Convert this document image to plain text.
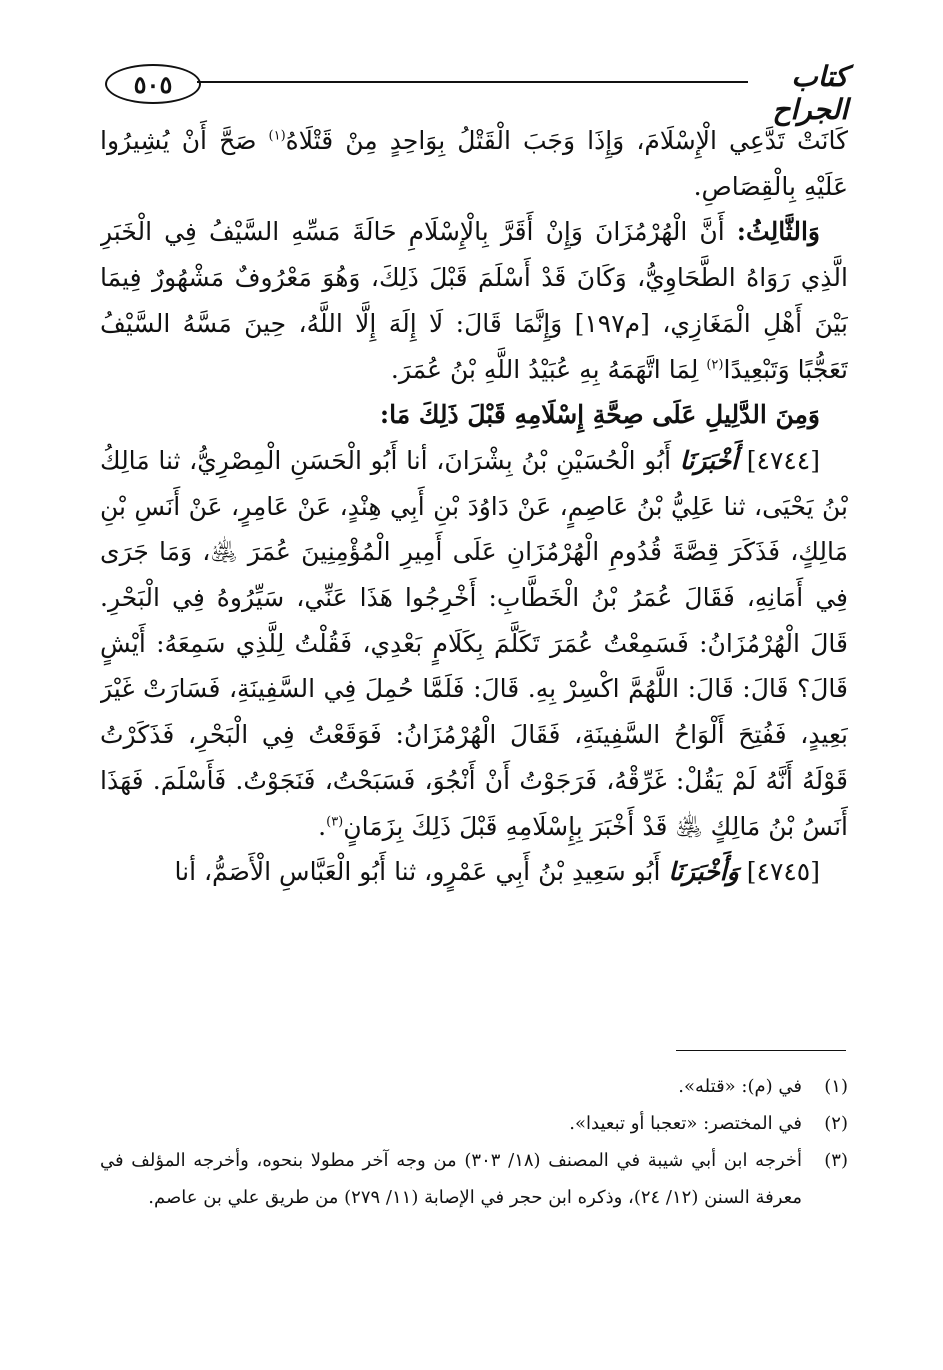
٥٠٥	كتاب الجراح

كَانَتْ تَدَّعِي الْإِسْلَامَ، وَإِذَا وَجَبَ الْقَتْلُ بِوَاحِدٍ مِنْ قَتْلَاهُ$^{(١)}$ صَحَّ أَنْ يُشِيرُوا عَلَيْهِ بِالْقِصَاصِ.

وَالثَّالِثُ: أَنَّ الْهُرْمُزَانَ وَإِنْ أَقَرَّ بِالْإِسْلَامِ حَالَةَ مَسِّهِ السَّيْفُ فِي الْخَبَرِ الَّذِي رَوَاهُ الطَّحَاوِيُّ، وَكَانَ قَدْ أَسْلَمَ قَبْلَ ذَلِكَ، وَهُوَ مَعْرُوفٌ مَشْهُورٌ فِيمَا بَيْنَ أَهْلِ الْمَغَازِي، [م١٩٧] وَإِنَّمَا قَالَ: لَا إِلَهَ إِلَّا اللَّهُ، حِينَ مَسَّهُ السَّيْفُ تَعَجُّبًا وَتَبْعِيدًا$^{(٢)}$ لِمَا اتَّهَمَهُ بِهِ عُبَيْدُ اللَّهِ بْنُ عُمَرَ.

وَمِنَ الدَّلِيلِ عَلَى صِحَّةِ إِسْلَامِهِ قَبْلَ ذَلِكَ مَا:

[٤٧٤٤] أَخْبَرَنَا أَبُو الْحُسَيْنِ بْنُ بِشْرَانَ، أنا أَبُو الْحَسَنِ الْمِصْرِيُّ، ثنا مَالِكُ بْنُ يَحْيَى، ثنا عَلِيُّ بْنُ عَاصِمٍ، عَنْ دَاوُدَ بْنِ أَبِي هِنْدٍ، عَنْ عَامِرٍ، عَنْ أَنَسِ بْنِ مَالِكٍ، فَذَكَرَ قِصَّةَ قُدُومِ الْهُرْمُزَانِ عَلَى أَمِيرِ الْمُؤْمِنِينَ عُمَرَ ﵁، وَمَا جَرَى فِي أَمَانِهِ، فَقَالَ عُمَرُ بْنُ الْخَطَّابِ: أَخْرِجُوا هَذَا عَنِّي، سَيِّرُوهُ فِي الْبَحْرِ. قَالَ الْهُرْمُزَانُ: فَسَمِعْتُ عُمَرَ تَكَلَّمَ بِكَلَامٍ بَعْدِي، فَقُلْتُ لِلَّذِي سَمِعَهُ: أَيْشٍ قَالَ؟ قَالَ: قَالَ: اللَّهُمَّ اكْسِرْ بِهِ. قَالَ: فَلَمَّا حُمِلَ فِي السَّفِينَةِ، فَسَارَتْ غَيْرَ بَعِيدٍ، فَفُتِحَ أَلْوَاحُ السَّفِينَةِ، فَقَالَ الْهُرْمُزَانُ: فَوَقَعْتُ فِي الْبَحْرِ، فَذَكَرْتُ قَوْلَهُ أَنَّهُ لَمْ يَقُلْ: غَرِّقْهُ، فَرَجَوْتُ أَنْ أَنْجُوَ، فَسَبَحْتُ، فَنَجَوْتُ. فَأَسْلَمَ. فَهَذَا أَنَسُ بْنُ مَالِكٍ ﵁ قَدْ أَخْبَرَ بِإِسْلَامِهِ قَبْلَ ذَلِكَ بِزَمَانٍ$^{(٣)}$.

[٤٧٤٥] وَأَخْبَرَنَا أَبُو سَعِيدِ بْنُ أَبِي عَمْرٍو، ثنا أَبُو الْعَبَّاسِ الْأَصَمُّ، أنا

(١)
في (م): «قتله».
(٢)
في المختصر: «تعجبا أو تبعيدا».
(٣)
أخرجه ابن أبي شيبة في المصنف (١٨/ ٣٠٣) من وجه آخر مطولا بنحوه، وأخرجه المؤلف في معرفة السنن (١٢/ ٢٤)، وذكره ابن حجر في الإصابة (١١/ ٢٧٩) من طريق علي بن عاصم.
